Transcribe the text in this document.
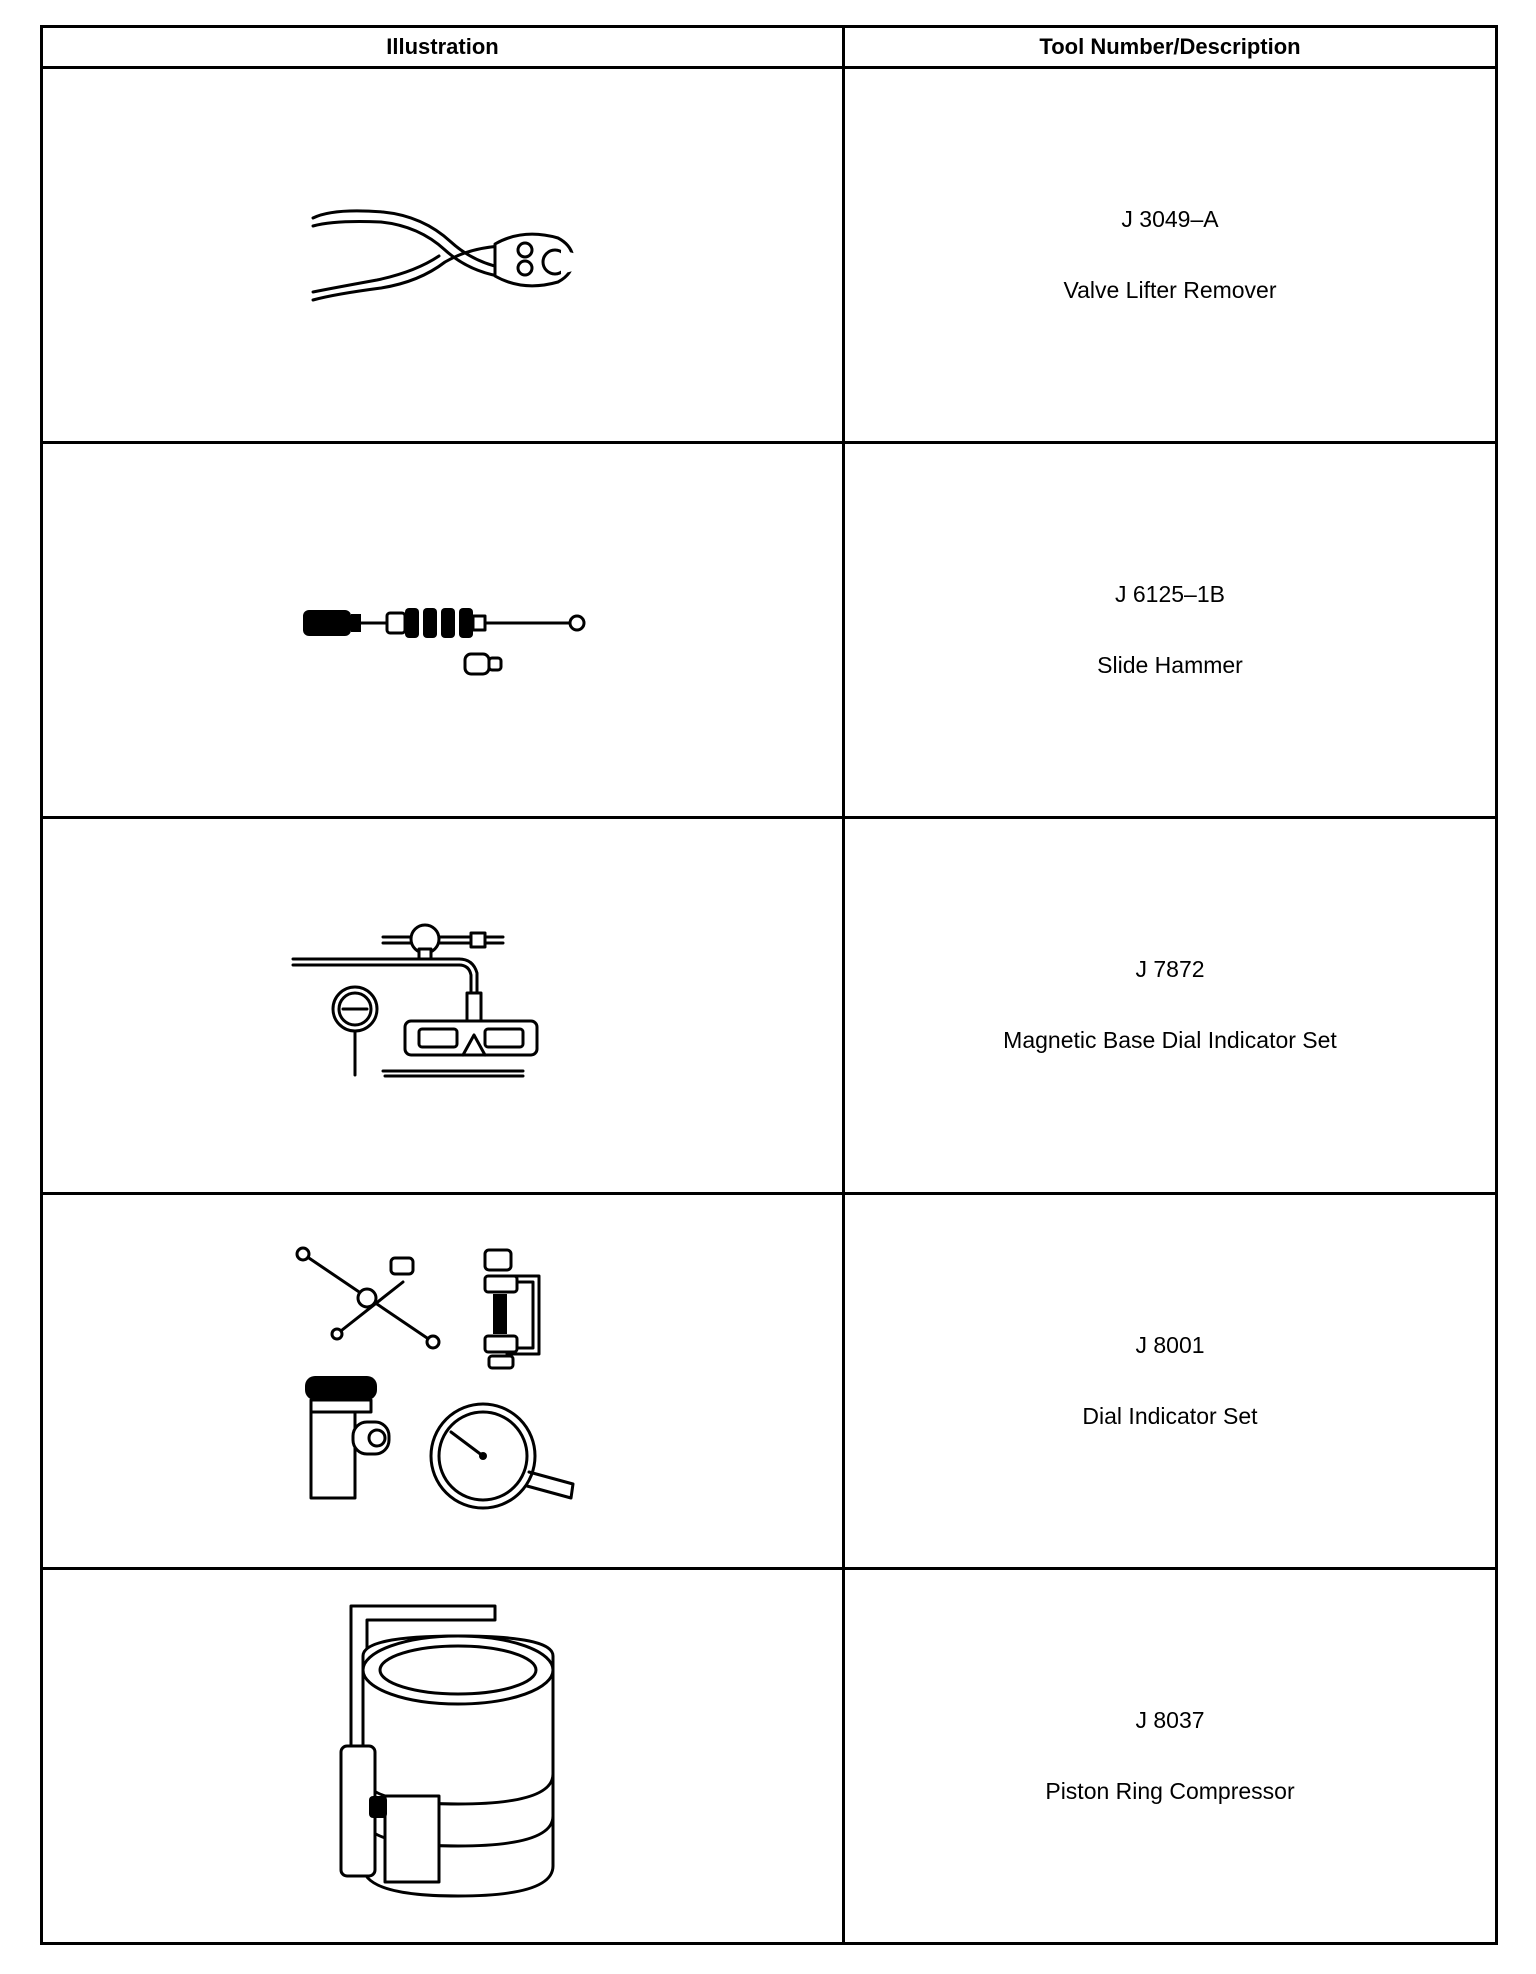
Illustration	Tool Number/Description

J 3049–A
Valve Lifter Remover

J 6125–1B
Slide Hammer

J 7872
Magnetic Base Dial Indicator Set

J 8001
Dial Indicator Set

J 8037
Piston Ring Compressor
